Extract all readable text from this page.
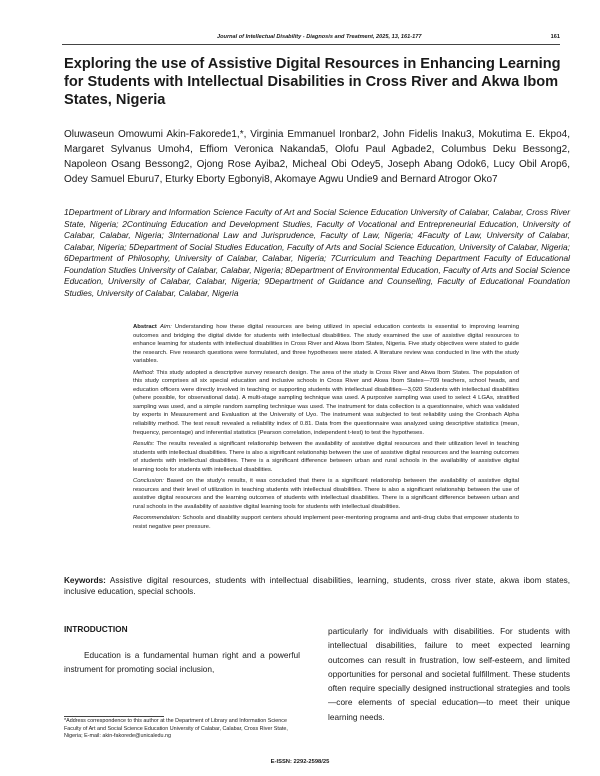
Journal of Intellectual Disability - Diagnosis and Treatment, 2025, 13, 161-177	161
Exploring the use of Assistive Digital Resources in Enhancing Learning for Students with Intellectual Disabilities in Cross River and Akwa Ibom States, Nigeria

Oluwaseun Omowumi Akin-Fakorede1,*, Virginia Emmanuel Ironbar2, John Fidelis Inaku3, Mokutima E. Ekpo4, Margaret Sylvanus Umoh4, Effiom Veronica Nakanda5, Olofu Paul Agbade2, Columbus Deku Bessong2, Napoleon Osang Bessong2, Ojong Rose Ayiba2, Micheal Obi Odey5, Joseph Abang Odok6, Lucy Obil Arop6, Odey Samuel Eburu7, Eturky Eborty Egbonyi8, Akomaye Agwu Undie9 and Bernard Atrogor Oko7

1Department of Library and Information Science Faculty of Art and Social Science Education University of Calabar, Calabar, Cross River State, Nigeria; 2Continuing Education and Development Studies, Faculty of Vocational and Entrepreneurial Education, University of Calabar, Calabar, Nigeria; 3International Law and Jurisprudence, Faculty of Law, Nigeria; 4Faculty of Law, University of Calabar, Calabar, Nigeria; 5Department of Social Studies Education, Faculty of Arts and Social Science Education, University of Calabar, Nigeria; 6Department of Philosophy, University of Calabar, Calabar, Nigeria; 7Curriculum and Teaching Department Faculty of Educational Foundation Studies University of Calabar, Calabar, Nigeria; 8Department of Environmental Education, Faculty of Arts and Social Science Education, University of Calabar, Calabar, Nigeria; 9Department of Guidance and Counselling, Faculty of Educational Foundation Studies, University of Calabar, Calabar, Nigeria

Abstract Aim: Understanding how these digital resources are being utilized in special education contexts is essential to improving learning outcomes and bridging the digital divide for students with intellectual disabilities. The study examined the use of assistive digital resources to enhance learning for students with intellectual disabilities in Cross River and Akwa Ibom States, Nigeria. Five study objectives were stated to guide the research. Five research questions were formulated, and three hypotheses were stated. A literature review was conducted in line with the study variables.

Method: This study adopted a descriptive survey research design. The area of the study is Cross River and Akwa Ibom States. The population of this study comprises all six special education and inclusive schools in Cross River and Akwa Ibom States—709 teachers, school heads, and education officers were directly involved in teaching or supporting students with intellectual disabilities—3,020 Students with intellectual disabilities (where possible, for observational data). A multi-stage sampling technique was used. A purposive sampling was used to select 4 LGAs, stratified sampling was used, and a simple random sampling technique was used. The instrument for data collection is a questionnaire, which was validated by experts in Measurement and Evaluation at the University of Uyo. The instrument was subjected to test reliability using the Cronbach Alpha reliability method. The test result revealed a reliability index of 0.81. Data from the questionnaire was analyzed using descriptive statistics (mean, frequency, percentage) and inferential statistics (Pearson correlation, independent t-test) to test the hypotheses.

Results: The results revealed a significant relationship between the availability of assistive digital resources and their utilization level in teaching students with intellectual disabilities. There is also a significant relationship between the use of assistive digital resources and the learning outcomes of students with intellectual disabilities. There is a significant difference between urban and rural schools in the availability of assistive digital learning tools for students with intellectual disabilities.

Conclusion: Based on the study's results, it was concluded that there is a significant relationship between the availability of assistive digital resources and their level of utilization in teaching students with intellectual disabilities. There is also a significant relationship between the use of assistive digital resources and the learning outcomes of students with intellectual disabilities. There is a significant difference between urban and rural schools in the availability of assistive digital learning tools for students with intellectual disabilities.

Recommendation: Schools and disability support centers should implement peer-mentoring programs and anti-drug clubs that empower students to resist negative peer pressure.

Keywords: Assistive digital resources, students with intellectual disabilities, learning, students, cross river state, akwa ibom states, inclusive education, special schools.

INTRODUCTION

Education is a fundamental human right and a powerful instrument for promoting social inclusion,

particularly for individuals with disabilities. For students with intellectual disabilities, failure to meet expected learning outcomes can result in frustration, low self-esteem, and limited opportunities for personal and societal fulfillment. These students often require specially designed instructional strategies and tools—core elements of special education—to meet their unique learning needs.

*Address correspondence to this author at the Department of Library and Information Science Faculty of Art and Social Science Education University of Calabar, Calabar, Cross River State, Nigeria; E-mail: akin-fakorede@unicaledu.ng

E-ISSN: 2292-2598/25
